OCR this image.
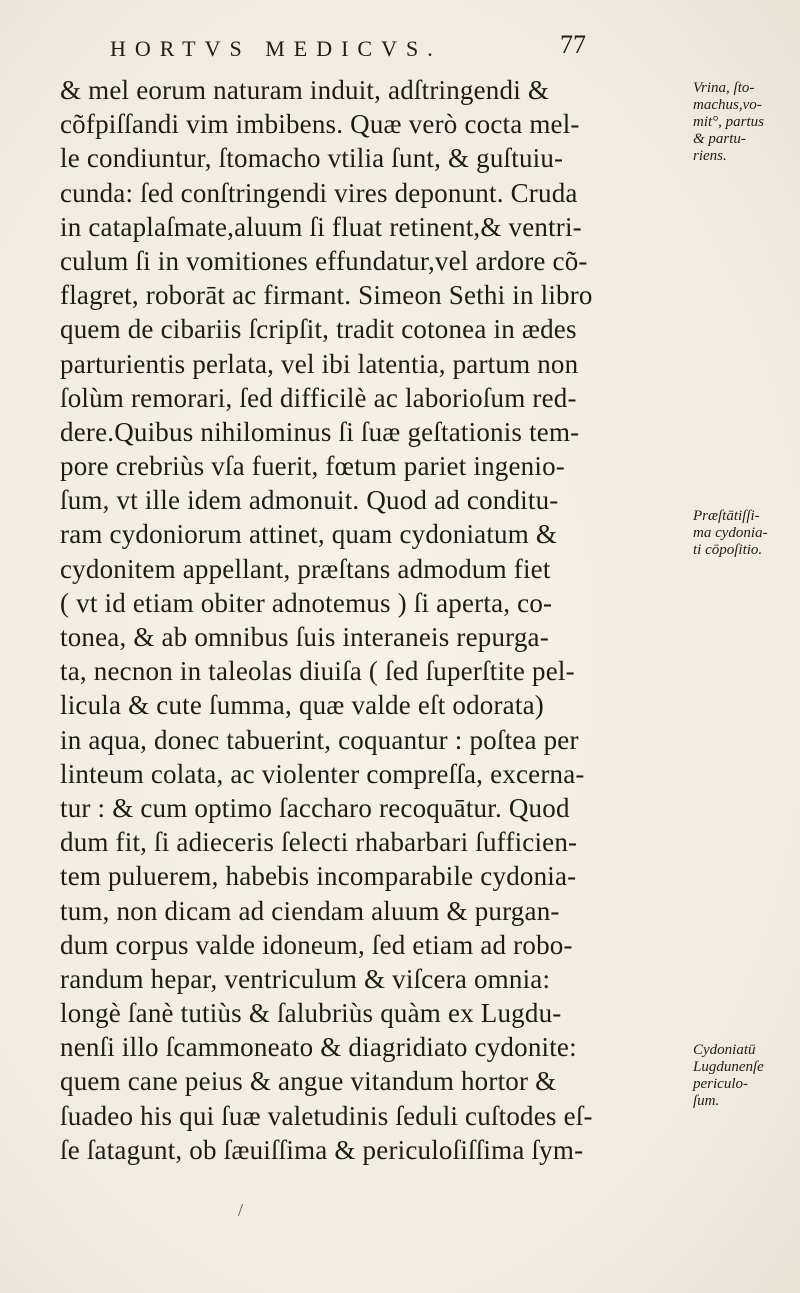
HORTVS MEDICVS.	77
& mel eorum naturam induit, adſtringendi &
cõfpiſſandi vim imbibens. Quæ verò coctа mel-
le condiuntur, ſtomacho vtilia ſunt, & guſtuiu-
cunda: ſed conſtringendi vires deponunt. Cruda
in cataplaſmate,aluum ſi fluat retinent,& ventri-
culum ſi in vomitiones effundatur,vel ardore cõ-
flagret, roborāt ac firmant. Simeon Sethi in libro
quem de cibariis ſcripſit, tradit cotonea in ædes
parturientis perlata, vel ibi latentia, partum non
ſolùm remorari, ſed difficilè ac laborioſum red-
dere.Quibus nihilominus ſi ſuæ geſtationis tem-
pore crebriùs vſa fuerit, fœtum pariet ingenio-
ſum, vt ille idem admonuit. Quod ad conditu-
ram cydoniorum attinet, quam cydoniatum &
cydonitem appellant, præſtans admodum fiet
( vt id etiam obiter adnotemus ) ſi aperta, co-
tonea, & ab omnibus ſuis interaneis repurga-
ta, necnon in taleolas diuiſa ( ſed ſuperſtite pel-
licula & cute ſumma, quæ valde eſt odorata)
in aqua, donec tabuerint, coquantur : poſtea per
linteum colata, ac violenter compreſſa, excerna-
tur : & cum optimo ſaccharo recoquātur. Quod
dum fit, ſi adieceris ſelecti rhabarbari ſufficien-
tem puluerem, habebis incomparabile cydonia-
tum, non dicam ad ciendam aluum & purgan-
dum corpus valde idoneum, ſed etiam ad robo-
randum hepar, ventriculum & viſcera omnia:
longè ſanè tutiùs & ſalubriùs quàm ex Lugdu-
nenſi illo ſcammoneato & diagridiato cydonite:
quem cane peius & angue vitandum hortor &
ſuadeo his qui ſuæ valetudinis ſeduli cuſtodes eſ-
ſe ſatagunt, ob ſæuiſſima & periculoſiſſima ſym-
Vrina, ſto-
machus,vo-
mit°, partus
& partu-
riens.
Præſtātiſſi-
ma cydonia-
ti cōpoſitio.
Cydoniatū
Lugdunenſe
periculo-
ſum.
/
